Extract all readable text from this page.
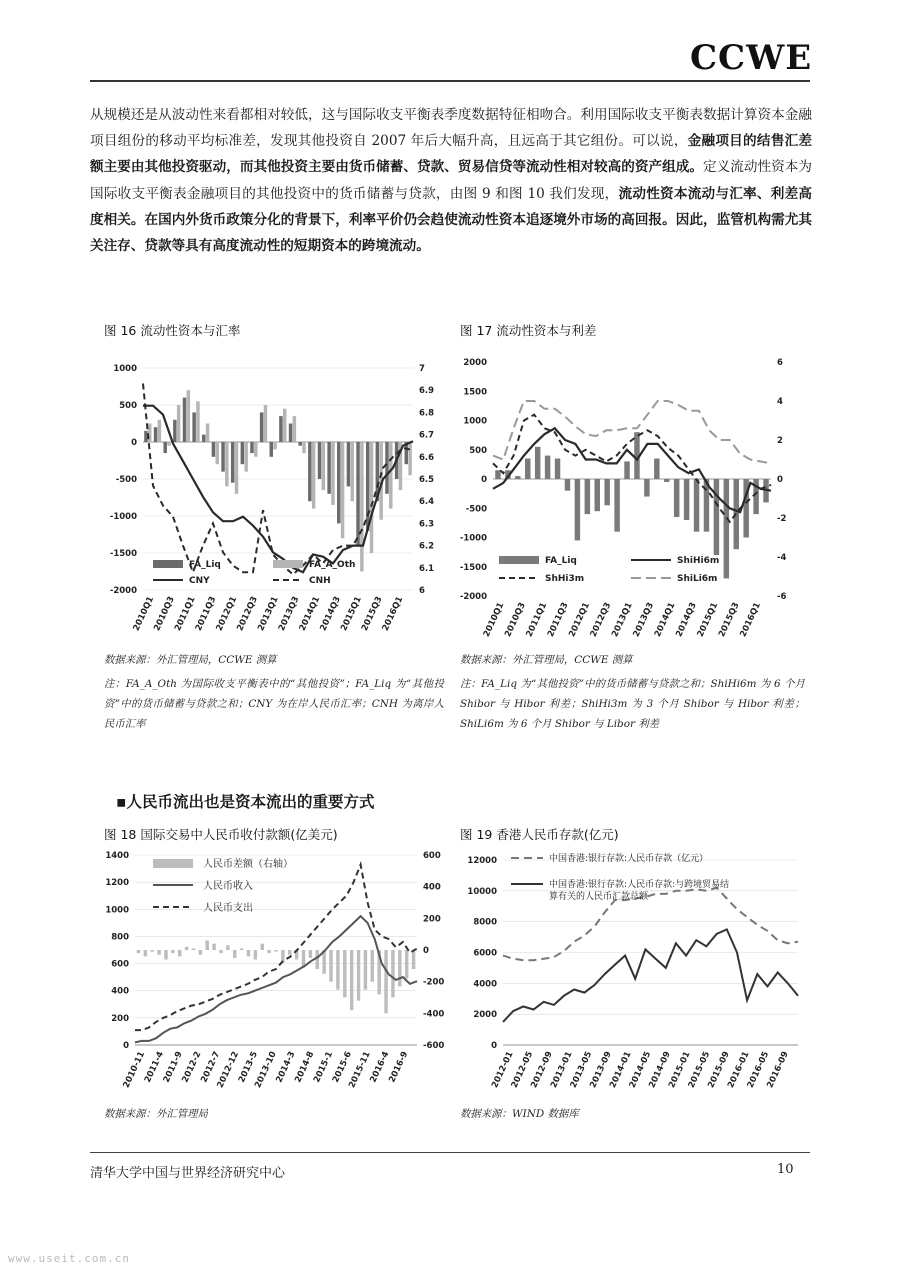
CCWE
从规模还是从波动性来看都相对较低，这与国际收支平衡表季度数据特征相吻合。利用国际收支平衡表数据计算资本金融项目组份的移动平均标准差，发现其他投资自 2007 年后大幅升高，且远高于其它组份。可以说，金融项目的结售汇差额主要由其他投资驱动，而其他投资主要由货币储蓄、贷款、贸易信贷等流动性相对较高的资产组成。定义流动性资本为国际收支平衡表金融项目的其他投资中的货币储蓄与贷款，由图 9 和图 10 我们发现，流动性资本流动与汇率、利差高度相关。在国内外货币政策分化的背景下，利率平价仍会趋使流动性资本追逐境外市场的高回报。因此，监管机构需尤其关注存、贷款等具有高度流动性的短期资本的跨境流动。
图 16 流动性资本与汇率
1000
500
0
-500
-1000
-1500
-2000	6
6.1
6.2
6.3
6.4
6.5
6.6
6.7
6.8
6.9
7
2010Q1
2010Q3
2011Q1
2011Q3
2012Q1
2012Q3
2013Q1
2013Q3
2014Q1
2014Q3
2015Q1
2015Q3
2016Q1
FA_Liq	FA_A_Oth
CNY	CNH
数据来源：外汇管理局，CCWE 测算
注：FA_A_Oth 为国际收支平衡表中的“其他投资”；FA_Liq 为“其他投资”中的货币储蓄与贷款之和；CNY 为在岸人民币汇率；CNH 为离岸人民币汇率
图 17 流动性资本与利差
2000
1500
1000
500
0
-500
-1000
-1500
-2000
6
4
2
0
-2
-4
-6
2010Q1
2010Q3
2011Q1
2011Q3
2012Q1
2012Q3
2013Q1
2013Q3
2014Q1
2014Q3
2015Q1
2015Q3
2016Q1
FA_Liq	ShiHi6m
ShHi3m	ShiLi6m
数据来源：外汇管理局，CCWE 测算
注：FA_Liq 为“其他投资”中的货币储蓄与贷款之和；ShiHi6m 为 6 个月 Shibor 与 Hibor 利差；ShiHi3m 为 3 个月 Shibor 与 Hibor 利差；ShiLi6m 为 6 个月 Shibor 与 Libor 利差
▪人民币流出也是资本流出的重要方式
图 18 国际交易中人民币收付款额(亿美元)
1400
1200
1000
800
600
400
200
0
600
400
200
0
-200
-400
-600
2010-11
2011-4
2011-9
2012-2
2012-7
2012-12
2013-5
2013-10
2014-3
2014-8
2015-1
2015-6
2015-11
2016-4
2016-9
人民币差额（右轴）
人民币收入
人民币支出
数据来源：外汇管理局
图 19 香港人民币存款(亿元)
12000
10000
8000
6000
4000
2000
0
2012-01
2012-05
2012-09
2013-01
2013-05
2013-09
2014-01
2014-05
2014-09
2015-01
2015-05
2015-09
2016-01
2016-05
2016-09
中国香港:银行存款:人民币存款（亿元）
中国香港:银行存款:人民币存款:与跨境贸易结算有关的人民币汇款总额
数据来源：WIND 数据库
清华大学中国与世界经济研究中心	10
www.useit.com.cn
